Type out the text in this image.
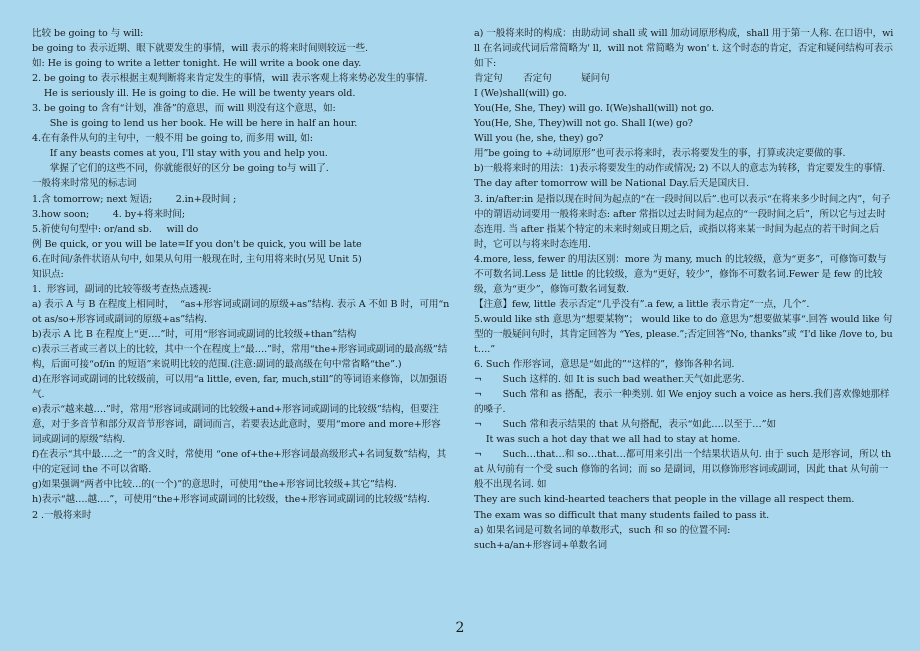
比较 be going to 与 will:

be going to 表示近期、眼下就要发生的事情，will 表示的将来时间则较远一些.

如: He is going to write a letter tonight. He will write a book one day.

2. be going to 表示根据主观判断将来肯定发生的事情，will 表示客观上将来势必发生的事情.

He is seriously ill. He is going to die. He will be twenty years old.

3. be going to 含有“计划，准备”的意思，而 will 则没有这个意思，如:

She is going to lend us her book. He will be here in half an hour.

4.在有条件从句的主句中，一般不用 be going to, 而多用 will, 如:

If any beasts comes at you, I'll stay with you and help you.

掌握了它们的这些不同，你就能很好的区分 be going to与 will了.

一般将来时常见的标志词

1.含 tomorrow; next 短语;        2.in+段时间 ;

3.how soon;        4. by+将来时间;

5.祈使句句型中: or/and sb.     will do

例 Be quick, or you will be late=If you don't be quick, you will be late

6.在时间/条件状语从句中, 如果从句用一般现在时, 主句用将来时(另见 Unit 5)

知识点:

1.  形容词，副词的比较等级考查热点透视:

a) 表示 A 与 B 在程度上相同时，  “as+形容词或副词的原级+as”结构. 表示 A 不如 B 时，可用“not as/so+形容词或副词的原级+as”结构.

b)表示 A 比 B 在程度上“更….”时，可用“形容词或副词的比较级+than”结构

c)表示三者或三者以上的比较，其中一个在程度上“最….”时，常用“the+形容词或副词的最高级”结构，后面可接“of/in 的短语”来说明比较的范围.(注意:副词的最高级在句中常省略“the”.)

d)在形容词或副词的比较级前，可以用“a little, even, far, much,still”的等词语来修饰，以加强语气.

e)表示“越来越….”时，常用“形容词或副词的比较级+and+形容词或副词的比较级”结构，但要注意，对于多音节和部分双音节形容词，副词而言，若要表达此意时，要用“more and more+形容词或副词的原级”结构.

f)在表示“其中最….之一”的含义时，常使用 “one of+the+形容词最高级形式+名词复数”结构，其中的定冠词 the 不可以省略.

g)如果强调“两者中比较…的(一个)”的意思时，可使用“the+形容词比较级+其它”结构.

h)表示“越….越….”，可使用“the+形容词或副词的比较级，the+形容词或副词的比较级”结构.

2 .一般将来时

a) 一般将来时的构成：由助动词 shall 或 will 加动词原形构成，shall 用于第一人称. 在口语中，will 在名词或代词后常简略为' ll,  will not 常简略为 won' t. 这个时态的肯定，否定和疑问结构可表示如下:

肯定句       否定句          疑问句

I (We)shall(will) go.

You(He, She, They) will go. I(We)shall(will) not go.

You(He, She, They)will not go. Shall I(we) go?

Will you (he, she, they) go?

用”be going to +动词原形”也可表示将来时，表示将要发生的事，打算或决定要做的事.

b)一般将来时的用法：1)表示将要发生的动作或情况; 2) 不以人的意志为转移，肯定要发生的事情. The day after tomorrow will be National Day.后天是国庆日.

3. in/after:in 是指以现在时间为起点的“在一段时间以后”.也可以表示“在将来多少时间之内”，句子中的谓语动词要用一般将来时态: after 常指以过去时间为起点的“一段时间之后”，所以它与过去时态连用. 当 after 指某个特定的未来时刻或日期之后，或指以将来某一时间为起点的若干时间之后时，它可以与将来时态连用.

4.more, less, fewer 的用法区别：more 为 many, much 的比较级，意为“更多”，可修饰可数与不可数名词.Less 是 little 的比较级，意为“更好，较少”，修饰不可数名词.Fewer 是 few 的比较级，意为“更少”，修饰可数名词复数.

【注意】few, little 表示否定“几乎没有”.a few, a little 表示肯定“一点，几个”.

5.would like sth 意思为“想要某物”； would like to do 意思为”想要做某事“.回答 would like 句型的一般疑问句时，其肯定回答为 “Yes, please.”;否定回答“No, thanks”或 “I'd like /love to, but….”

6. Such 作形容词，意思是“如此的”“这样的”，修饰各种名词.

¬       Such 这样的. 如 It is such bad weather.天气如此恶劣.

¬       Such 常和 as 搭配，表示一种类别. 如 We enjoy such a voice as hers.我们喜欢像她那样的嗓子.

¬       Such 常和表示结果的 that 从句搭配，表示“如此….以至于…”如

It was such a hot day that we all had to stay at home.

¬       Such…that…和 so…that…都可用来引出一个结果状语从句. 由于 such 是形容词，所以 that 从句前有一个受 such 修饰的名词；而 so 是副词，用以修饰形容词或副词，因此 that 从句前一般不出现名词. 如

They are such kind-hearted teachers that people in the village all respect them.

The exam was so difficult that many students failed to pass it.

a) 如果名词是可数名词的单数形式，such 和 so 的位置不同:

such+a/an+形容词+单数名词

2
